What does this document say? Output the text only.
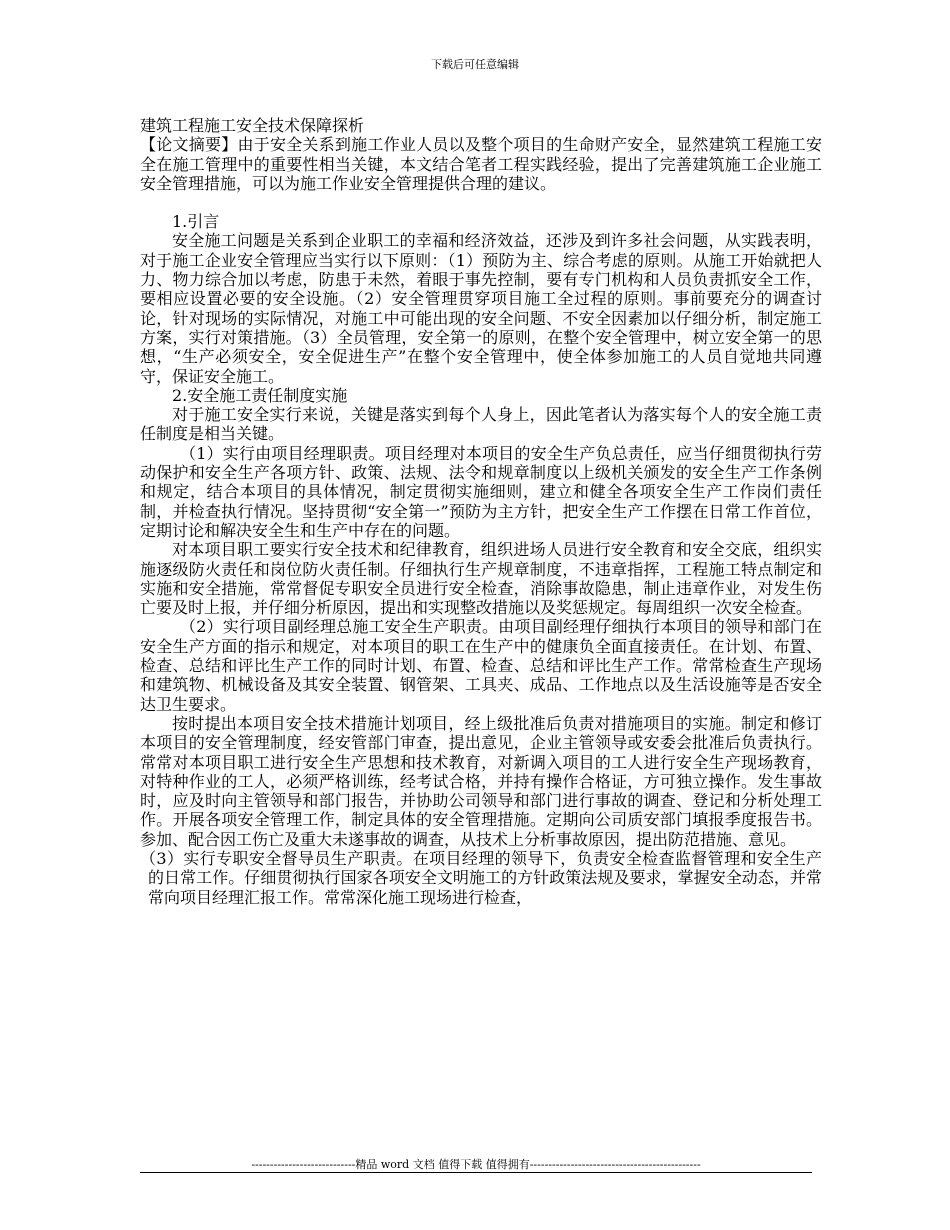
下载后可任意编辑

建筑工程施工安全技术保障探析

【论文摘要】由于安全关系到施工作业人员以及整个项目的生命财产安全，显然建筑工程施工安全在施工管理中的重要性相当关键，本文结合笔者工程实践经验，提出了完善建筑施工企业施工安全管理措施，可以为施工作业安全管理提供合理的建议。

1.引言

安全施工问题是关系到企业职工的幸福和经济效益，还涉及到许多社会问题，从实践表明，对于施工企业安全管理应当实行以下原则：（1）预防为主、综合考虑的原则。从施工开始就把人力、物力综合加以考虑，防患于未然，着眼于事先控制，要有专门机构和人员负责抓安全工作，要相应设置必要的安全设施。（2）安全管理贯穿项目施工全过程的原则。事前要充分的调查讨论，针对现场的实际情况，对施工中可能出现的安全问题、不安全因素加以仔细分析，制定施工方案，实行对策措施。（3）全员管理，安全第一的原则，在整个安全管理中，树立安全第一的思想，“生产必须安全，安全促进生产”在整个安全管理中，使全体参加施工的人员自觉地共同遵守，保证安全施工。

2.安全施工责任制度实施

对于施工安全实行来说，关键是落实到每个人身上，因此笔者认为落实每个人的安全施工责任制度是相当关键。

（1）实行由项目经理职责。项目经理对本项目的安全生产负总责任，应当仔细贯彻执行劳动保护和安全生产各项方针、政策、法规、法令和规章制度以上级机关颁发的安全生产工作条例和规定，结合本项目的具体情况，制定贯彻实施细则，建立和健全各项安全生产工作岗们责任制，并检查执行情况。坚持贯彻“安全第一”预防为主方针，把安全生产工作摆在日常工作首位，定期讨论和解决安全生和生产中存在的问题。

对本项目职工要实行安全技术和纪律教育，组织进场人员进行安全教育和安全交底，组织实施逐级防火责任和岗位防火责任制。仔细执行生产规章制度，不违章指挥，工程施工特点制定和实施和安全措施，常常督促专职安全员进行安全检查，消除事故隐患，制止违章作业，对发生伤亡要及时上报，并仔细分析原因，提出和实现整改措施以及奖惩规定。每周组织一次安全检查。

（2）实行项目副经理总施工安全生产职责。由项目副经理仔细执行本项目的领导和部门在安全生产方面的指示和规定，对本项目的职工在生产中的健康负全面直接责任。在计划、布置、检查、总结和评比生产工作的同时计划、布置、检查、总结和评比生产工作。常常检查生产现场和建筑物、机械设备及其安全装置、钢管架、工具夹、成品、工作地点以及生活设施等是否安全达卫生要求。

按时提出本项目安全技术措施计划项目，经上级批准后负责对措施项目的实施。制定和修订本项目的安全管理制度，经安管部门审查，提出意见，企业主管领导或安委会批准后负责执行。常常对本项目职工进行安全生产思想和技术教育，对新调入项目的工人进行安全生产现场教育，对特种作业的工人，必须严格训练，经考试合格，并持有操作合格证，方可独立操作。发生事故时，应及时向主管领导和部门报告，并协助公司领导和部门进行事故的调查、登记和分析处理工作。开展各项安全管理工作，制定具体的安全管理措施。定期向公司质安部门填报季度报告书。参加、配合因工伤亡及重大未遂事故的调查，从技术上分析事故原因，提出防范措施、意见。

（3）实行专职安全督导员生产职责。在项目经理的领导下，负责安全检查监督管理和安全生产的日常工作。仔细贯彻执行国家各项安全文明施工的方针政策法规及要求，掌握安全动态，并常常向项目经理汇报工作。常常深化施工现场进行检查，

----------------------------精品 word 文档 值得下载 值得拥有----------------------------------------------
